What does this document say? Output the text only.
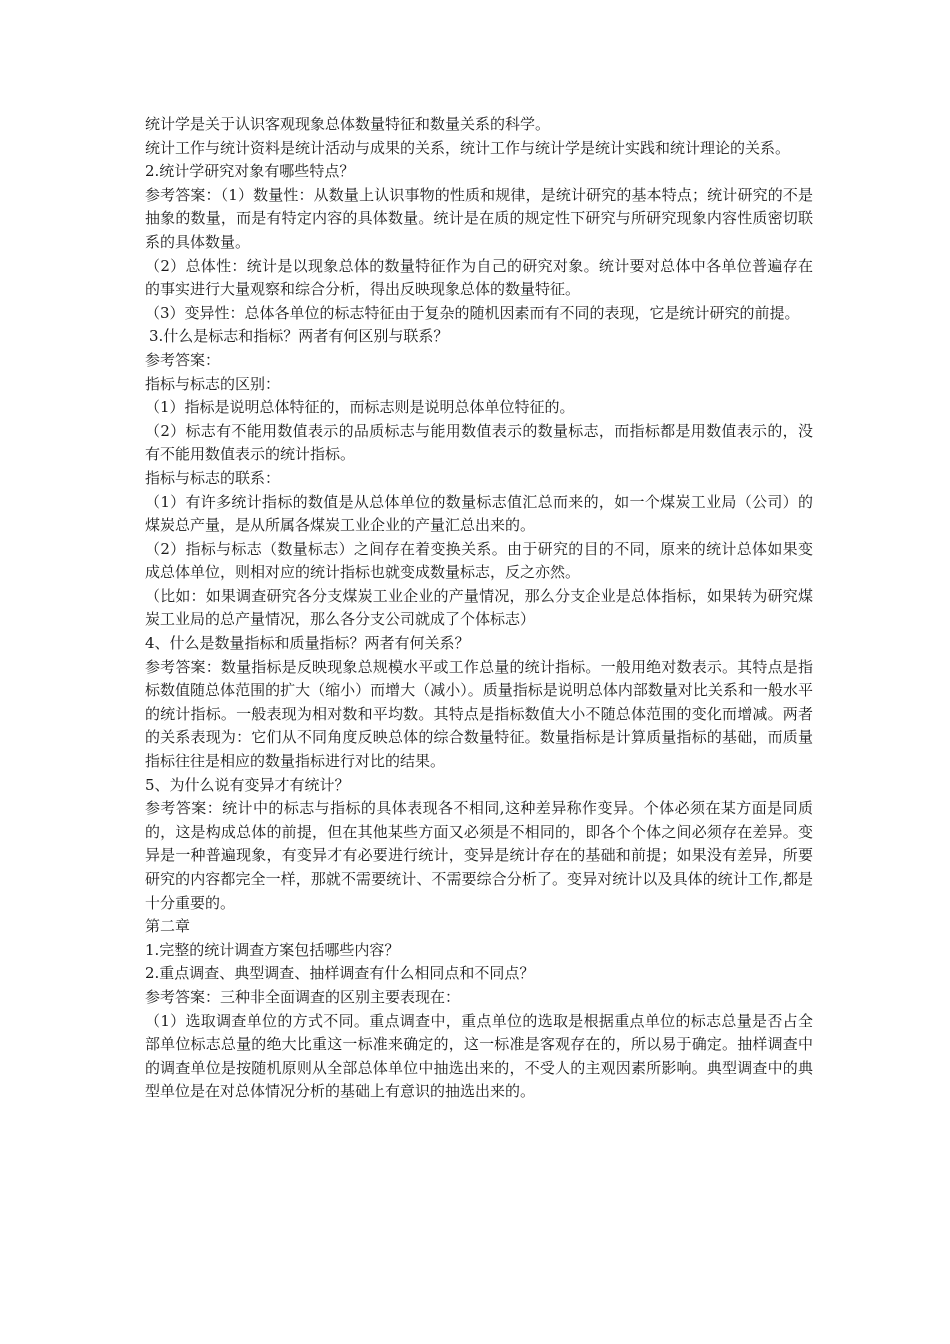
统计学是关于认识客观现象总体数量特征和数量关系的科学。

统计工作与统计资料是统计活动与成果的关系，统计工作与统计学是统计实践和统计理论的关系。

2.统计学研究对象有哪些特点？

参考答案：（1）数量性：从数量上认识事物的性质和规律，是统计研究的基本特点；统计研究的不是抽象的数量，而是有特定内容的具体数量。统计是在质的规定性下研究与所研究现象内容性质密切联系的具体数量。

（2）总体性：统计是以现象总体的数量特征作为自己的研究对象。统计要对总体中各单位普遍存在的事实进行大量观察和综合分析，得出反映现象总体的数量特征。

（3）变异性：总体各单位的标志特征由于复杂的随机因素而有不同的表现，它是统计研究的前提。

3.什么是标志和指标？两者有何区别与联系？

参考答案：

指标与标志的区别：

（1）指标是说明总体特征的，而标志则是说明总体单位特征的。

（2）标志有不能用数值表示的品质标志与能用数值表示的数量标志，而指标都是用数值表示的，没有不能用数值表示的统计指标。

指标与标志的联系：

（1）有许多统计指标的数值是从总体单位的数量标志值汇总而来的，如一个煤炭工业局（公司）的煤炭总产量，是从所属各煤炭工业企业的产量汇总出来的。

（2）指标与标志（数量标志）之间存在着变换关系。由于研究的目的不同，原来的统计总体如果变成总体单位，则相对应的统计指标也就变成数量标志，反之亦然。

（比如：如果调查研究各分支煤炭工业企业的产量情况，那么分支企业是总体指标，如果转为研究煤炭工业局的总产量情况，那么各分支公司就成了个体标志）

4、什么是数量指标和质量指标？两者有何关系？

参考答案：数量指标是反映现象总规模水平或工作总量的统计指标。一般用绝对数表示。其特点是指标数值随总体范围的扩大（缩小）而增大（减小）。质量指标是说明总体内部数量对比关系和一般水平的统计指标。一般表现为相对数和平均数。其特点是指标数值大小不随总体范围的变化而增减。两者的关系表现为：它们从不同角度反映总体的综合数量特征。数量指标是计算质量指标的基础，而质量指标往往是相应的数量指标进行对比的结果。

5、为什么说有变异才有统计？

参考答案：统计中的标志与指标的具体表现各不相同,这种差异称作变异。个体必须在某方面是同质的，这是构成总体的前提，但在其他某些方面又必须是不相同的，即各个个体之间必须存在差异。变异是一种普遍现象，有变异才有必要进行统计，变异是统计存在的基础和前提；如果没有差异，所要研究的内容都完全一样，那就不需要统计、不需要综合分析了。变异对统计以及具体的统计工作,都是十分重要的。

第二章

1.完整的统计调查方案包括哪些内容？

2.重点调查、典型调查、抽样调查有什么相同点和不同点？

参考答案：三种非全面调查的区别主要表现在：

（1）选取调查单位的方式不同。重点调查中，重点单位的选取是根据重点单位的标志总量是否占全部单位标志总量的绝大比重这一标准来确定的，这一标准是客观存在的，所以易于确定。抽样调查中的调查单位是按随机原则从全部总体单位中抽选出来的，不受人的主观因素所影响。典型调查中的典型单位是在对总体情况分析的基础上有意识的抽选出来的。
